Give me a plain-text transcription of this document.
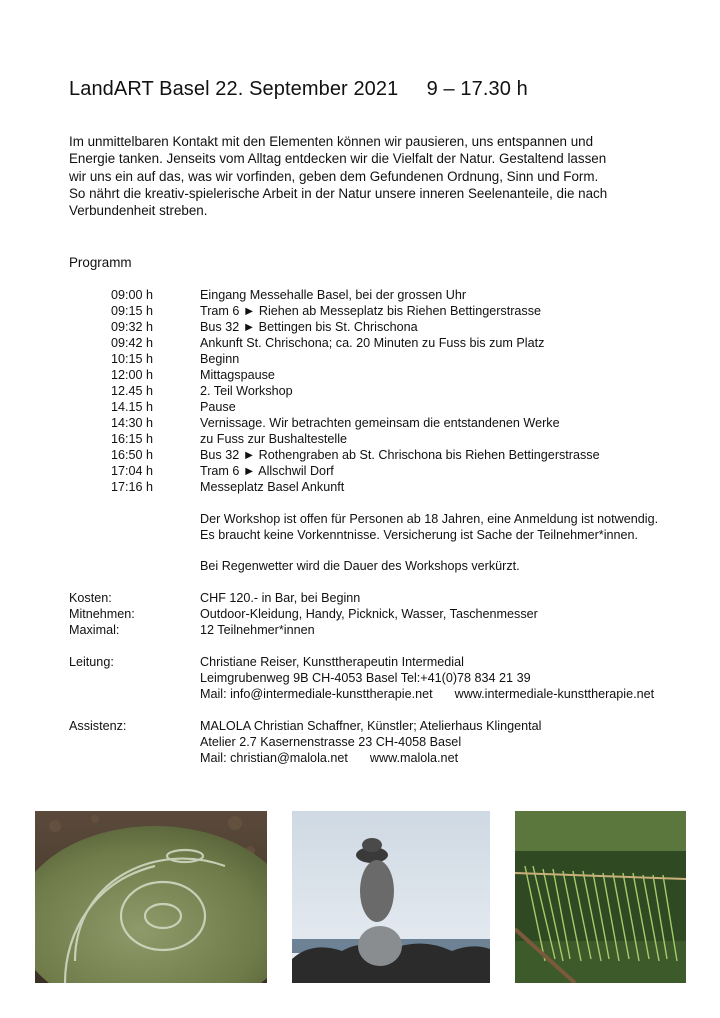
LandART Basel 22. September 2021     9 – 17.30 h
Im unmittelbaren Kontakt mit den Elementen können wir pausieren, uns entspannen und
Energie tanken. Jenseits vom Alltag entdecken wir die Vielfalt der Natur. Gestaltend lassen
wir uns ein auf das, was wir vorfinden, geben dem Gefundenen Ordnung, Sinn und Form.
So nährt die kreativ-spielerische Arbeit in der Natur unsere inneren Seelenanteile, die nach
Verbundenheit streben.
Programm
09:00 h	Eingang Messehalle Basel, bei der grossen Uhr
09:15 h	Tram 6 ► Riehen ab Messeplatz bis Riehen Bettingerstrasse
09:32 h	Bus 32 ► Bettingen bis St. Chrischona
09:42 h	Ankunft St. Chrischona; ca. 20 Minuten zu Fuss bis zum Platz
10:15 h	Beginn
12:00 h	Mittagspause
12.45 h	2. Teil Workshop
14.15 h	Pause
14:30 h	Vernissage. Wir betrachten gemeinsam die entstandenen Werke
16:15 h	zu Fuss zur Bushaltestelle
16:50 h	Bus 32 ► Rothengraben ab St. Chrischona bis Riehen Bettingerstrasse
17:04 h	Tram 6 ► Allschwil Dorf
17:16 h	Messeplatz Basel Ankunft
Der Workshop ist offen für Personen ab 18 Jahren, eine Anmeldung ist notwendig.
Es braucht keine Vorkenntnisse. Versicherung ist Sache der Teilnehmer*innen.
Bei Regenwetter wird die Dauer des Workshops verkürzt.
Kosten:	CHF 120.- in Bar, bei Beginn
Mitnehmen:	Outdoor-Kleidung, Handy, Picknick, Wasser, Taschenmesser
Maximal:	12 Teilnehmer*innen
Leitung:	Christiane Reiser, Kunsttherapeutin Intermedial
Leimgrubenweg 9B CH-4053 Basel Tel:+41(0)78 834 21 39
Mail: info@intermediale-kunsttherapie.net www.intermediale-kunsttherapie.net
Assistenz:	MALOLA Christian Schaffner, Künstler; Atelierhaus Klingental
Atelier 2.7 Kasernenstrasse 23 CH-4058 Basel
Mail: christian@malola.net www.malola.net
